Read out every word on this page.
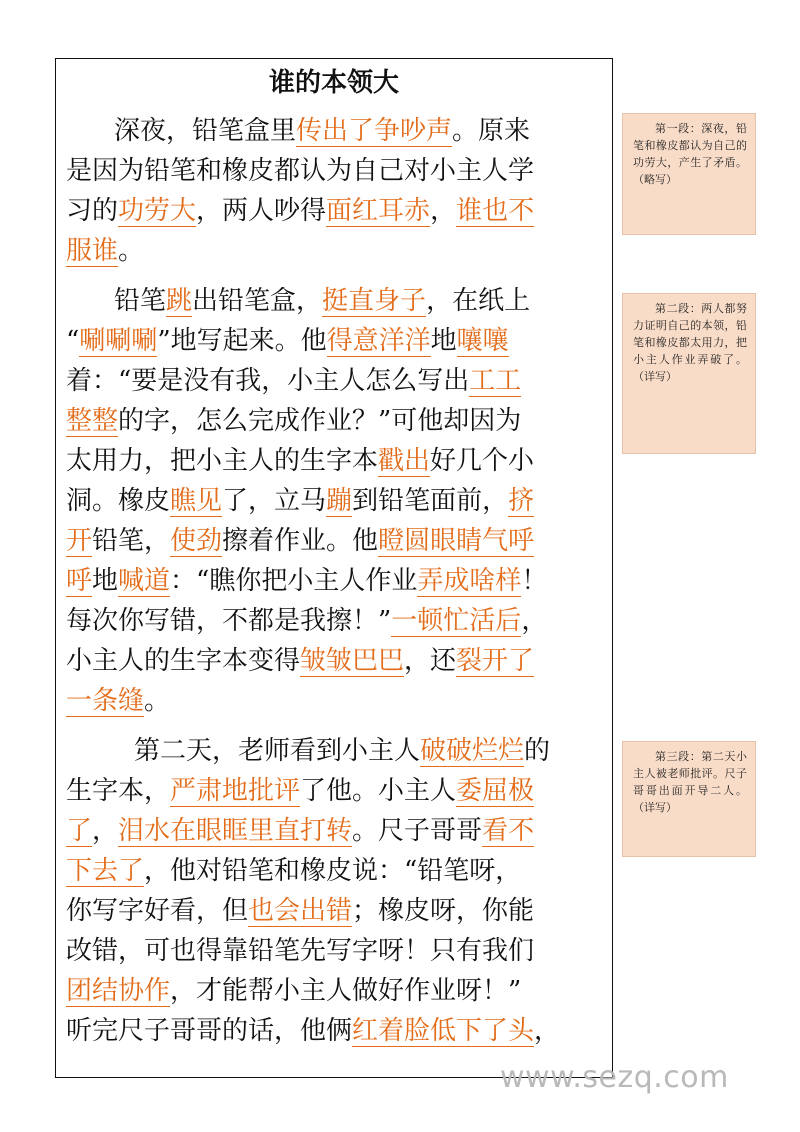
谁的本领大
深夜，铅笔盒里传出了争吵声。原来
是因为铅笔和橡皮都认为自己对小主人学
习的功劳大，两人吵得面红耳赤，谁也不
服谁。
铅笔跳出铅笔盒，挺直身子，在纸上
“唰唰唰”地写起来。他得意洋洋地嚷嚷
着：“要是没有我，小主人怎么写出工工
整整的字，怎么完成作业？”可他却因为
太用力，把小主人的生字本戳出好几个小
洞。橡皮瞧见了，立马蹦到铅笔面前，挤
开铅笔，使劲擦着作业。他瞪圆眼睛气呼
呼地喊道：“瞧你把小主人作业弄成啥样！
每次你写错，不都是我擦！”一顿忙活后，
小主人的生字本变得皱皱巴巴，还裂开了
一条缝。
第二天，老师看到小主人破破烂烂的
生字本，严肃地批评了他。小主人委屈极
了，泪水在眼眶里直打转。尺子哥哥看不
下去了，他对铅笔和橡皮说：“铅笔呀，
你写字好看，但也会出错；橡皮呀，你能
改错，可也得靠铅笔先写字呀！只有我们
团结协作，才能帮小主人做好作业呀！”
听完尺子哥哥的话，他俩红着脸低下了头，
第一段：深夜，铅笔和橡皮都认为自己的功劳大，产生了矛盾。（略写）
第二段：两人都努力证明自己的本领，铅笔和橡皮都太用力，把小主人作业弄破了。（详写）
第三段：第二天小主人被老师批评。尺子哥哥出面开导二人。（详写）
www.sezq.com
